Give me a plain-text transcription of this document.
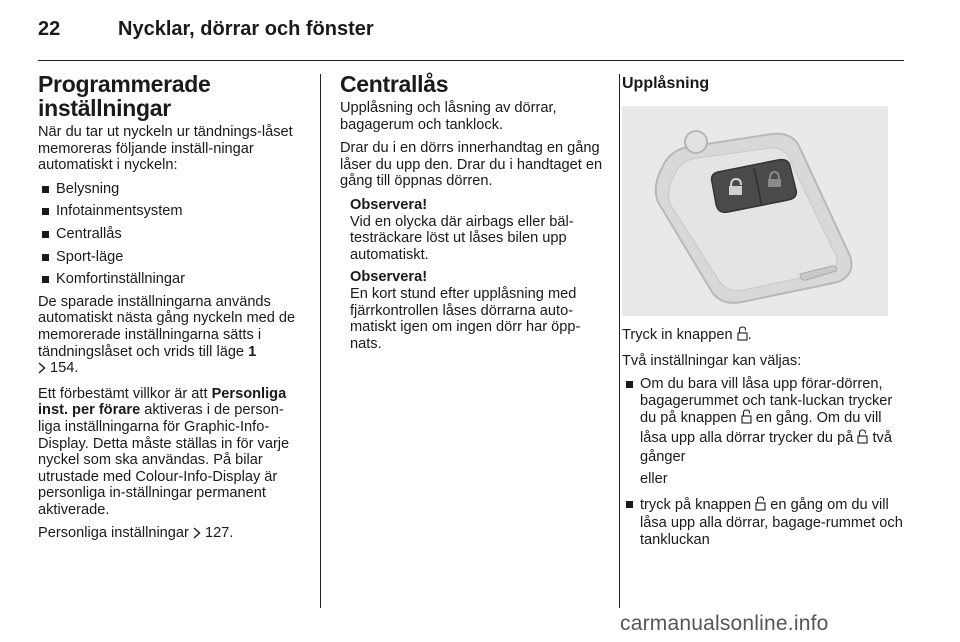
22	Nycklar, dörrar och fönster
Programmerade inställningar

När du tar ut nyckeln ur tändnings-låset memoreras följande inställ-ningar automatiskt i nyckeln:

Belysning
Infotainmentsystem
Centrallås
Sport-läge
Komfortinställningar

De sparade inställningarna används automatiskt nästa gång nyckeln med de memorerade inställningarna sätts i tändningslåset och vrids till läge 1
154.

Ett förbestämt villkor är att Personliga inst. per förare aktiveras i de person-liga inställningarna för Graphic-Info-Display. Detta måste ställas in för varje nyckel som ska användas. På bilar utrustade med Colour-Info-Display är personliga in-ställningar permanent aktiverade.

Personliga inställningar 127.

Centrallås

Upplåsning och låsning av dörrar, bagagerum och tanklock.

Drar du i en dörrs innerhandtag en gång låser du upp den. Drar du i handtaget en gång till öppnas dörren.

Observera!
Vid en olycka där airbags eller bäl-testräckare löst ut låses bilen upp automatiskt.
Observera!
En kort stund efter upplåsning med fjärrkontrollen låses dörrarna auto-matiskt igen om ingen dörr har öpp-nats.
Upplåsning

Tryck in knappen .

Två inställningar kan väljas:

Om du bara vill låsa upp förar-dörren, bagagerummet och tank-luckan trycker du på knappen en gång. Om du vill låsa upp alla dörrar trycker du på två gånger

eller

tryck på knappen en gång om du vill låsa upp alla dörrar, bagage-rummet och tankluckan
carmanualsonline.info
